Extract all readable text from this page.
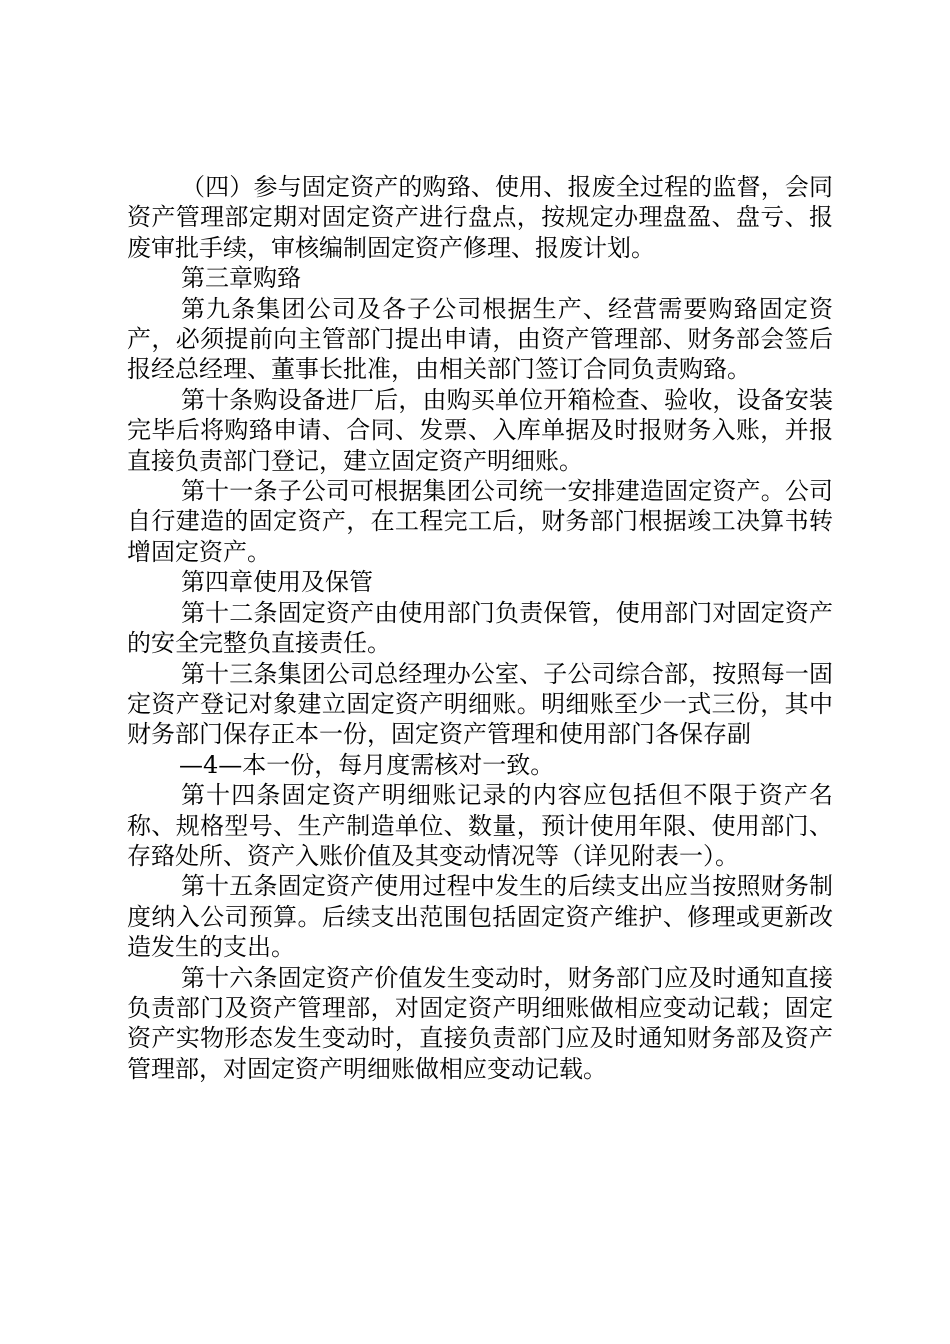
（四）参与固定资产的购臵、使用、报废全过程的监督，会同资产管理部定期对固定资产进行盘点，按规定办理盘盈、盘亏、报废审批手续，审核编制固定资产修理、报废计划。

第三章购臵

第九条集团公司及各子公司根据生产、经营需要购臵固定资产，必须提前向主管部门提出申请，由资产管理部、财务部会签后报经总经理、董事长批准，由相关部门签订合同负责购臵。

第十条购设备进厂后，由购买单位开箱检查、验收，设备安装完毕后将购臵申请、合同、发票、入库单据及时报财务入账，并报直接负责部门登记，建立固定资产明细账。

第十一条子公司可根据集团公司统一安排建造固定资产。公司自行建造的固定资产，在工程完工后，财务部门根据竣工决算书转增固定资产。

第四章使用及保管

第十二条固定资产由使用部门负责保管，使用部门对固定资产的安全完整负直接责任。

第十三条集团公司总经理办公室、子公司综合部，按照每一固定资产登记对象建立固定资产明细账。明细账至少一式三份，其中财务部门保存正本一份，固定资产管理和使用部门各保存副

—4—本一份，每月度需核对一致。

第十四条固定资产明细账记录的内容应包括但不限于资产名称、规格型号、生产制造单位、数量，预计使用年限、使用部门、存臵处所、资产入账价值及其变动情况等（详见附表一）。

第十五条固定资产使用过程中发生的后续支出应当按照财务制度纳入公司预算。后续支出范围包括固定资产维护、修理或更新改造发生的支出。

第十六条固定资产价值发生变动时，财务部门应及时通知直接负责部门及资产管理部，对固定资产明细账做相应变动记载；固定资产实物形态发生变动时，直接负责部门应及时通知财务部及资产管理部，对固定资产明细账做相应变动记载。
